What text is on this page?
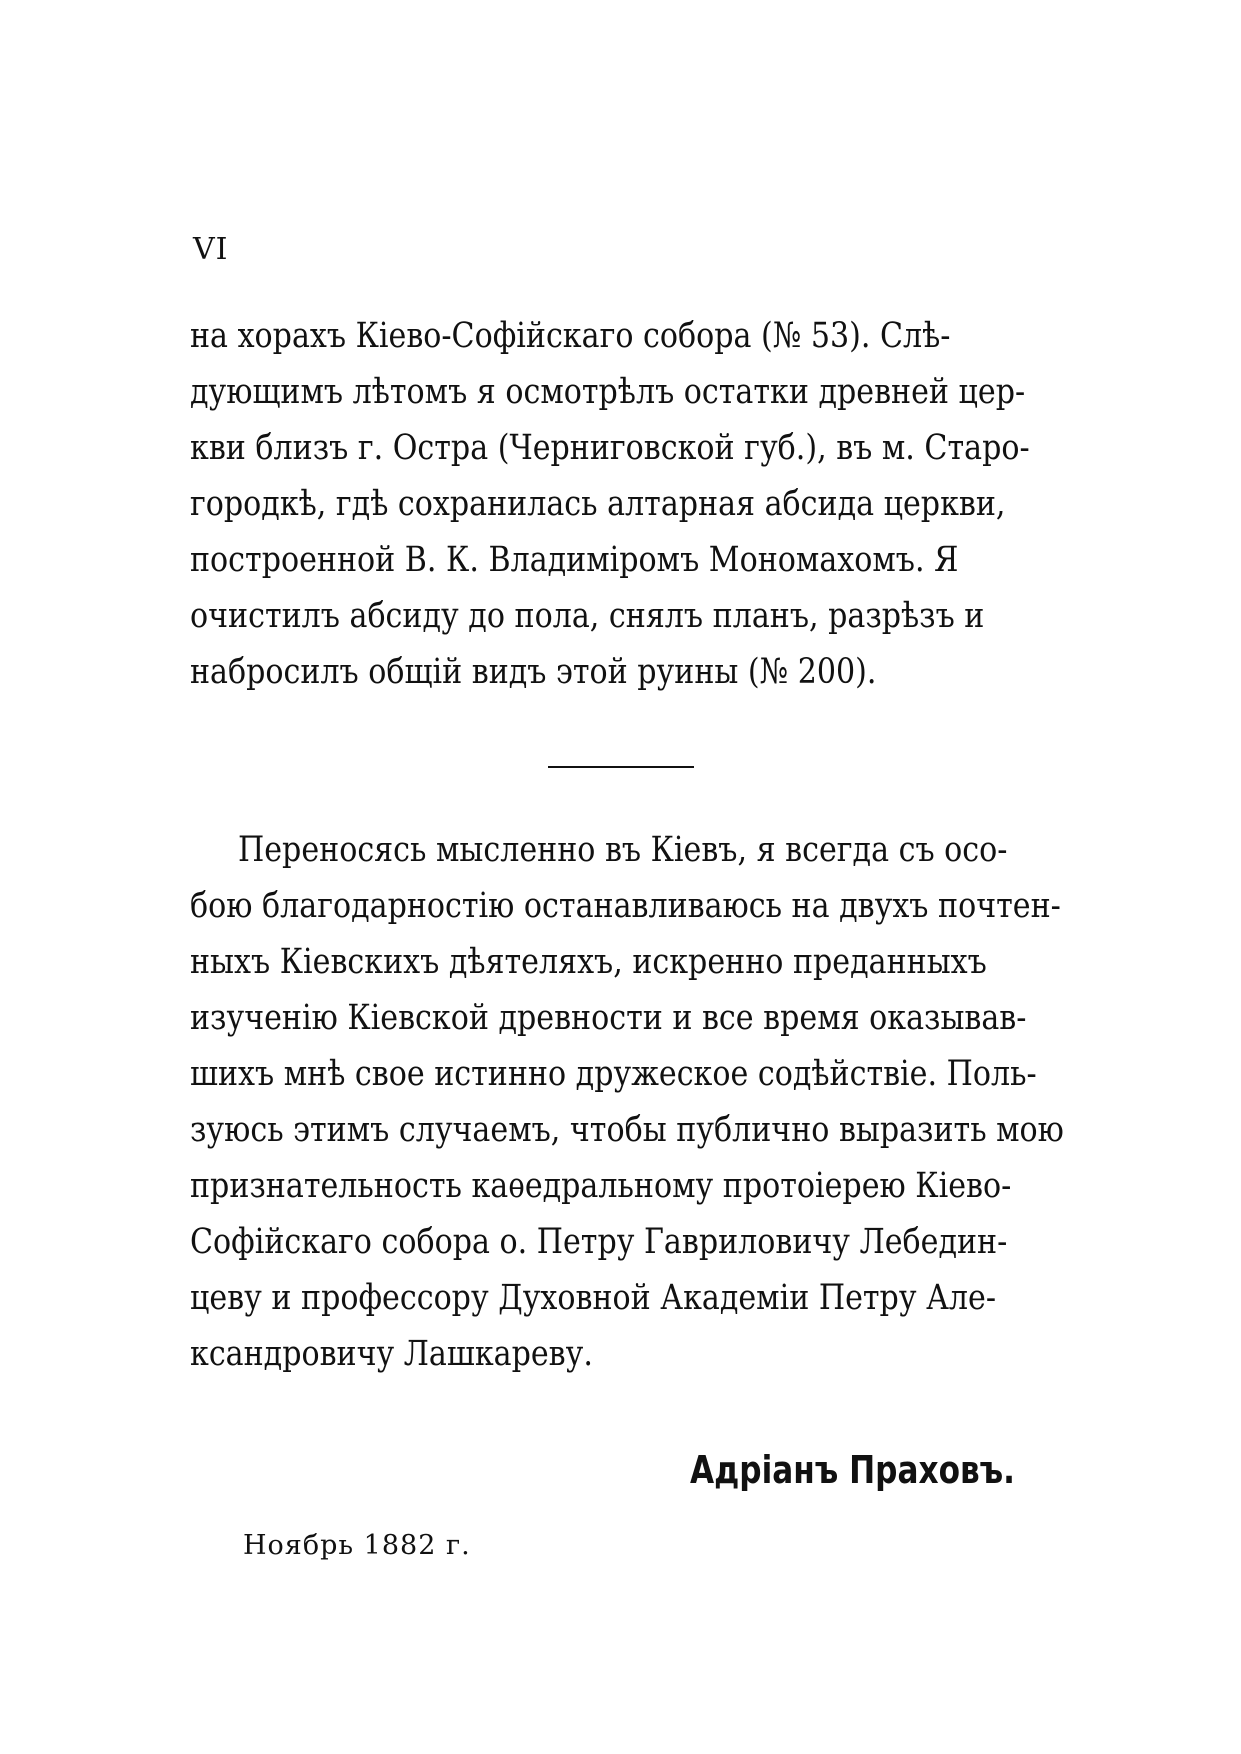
VI
на хорахъ Кіево-Софійскаго собора (№ 53). Слѣ-
дующимъ лѣтомъ я осмотрѣлъ остатки древней цер-
кви близъ г. Остра (Черниговской губ.), въ м. Старо-
городкѣ, гдѣ сохранилась алтарная абсида церкви,
построенной В. К. Владиміромъ Мономахомъ. Я
очистилъ абсиду до пола, снялъ планъ, разрѣзъ и
набросилъ общій видъ этой руины (№ 200).
Переносясь мысленно въ Кіевъ, я всегда съ осо-
бою благодарностію останавливаюсь на двухъ почтен-
ныхъ Кіевскихъ дѣятеляхъ, искренно преданныхъ
изученію Кіевской древности и все время оказывав-
шихъ мнѣ свое истинно дружеское содѣйствіе. Поль-
зуюсь этимъ случаемъ, чтобы публично выразить мою
признательность каѳедральному протоіерею Кіево-
Софійскаго собора о. Петру Гавриловичу Лебедин-
цеву и профессору Духовной Академіи Петру Але-
ксандровичу Лашкареву.
Адріанъ Праховъ.
Ноябрь 1882 г.
